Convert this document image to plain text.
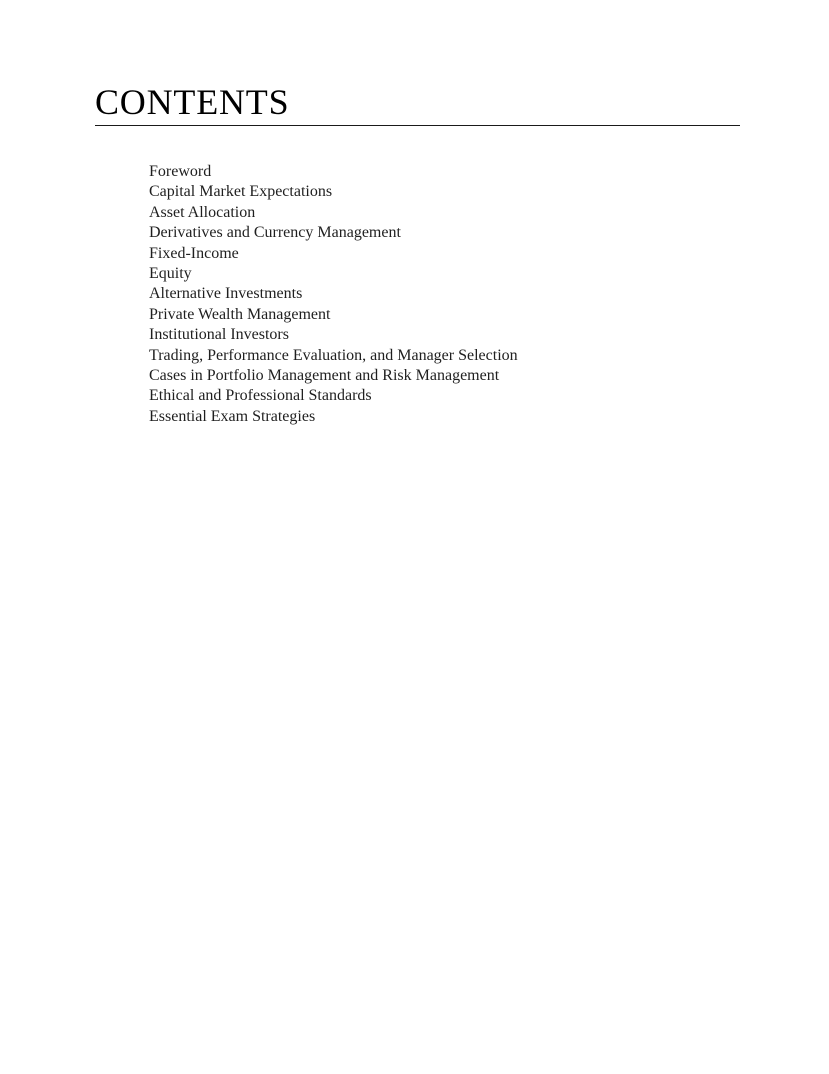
CONTENTS
Foreword
Capital Market Expectations
Asset Allocation
Derivatives and Currency Management
Fixed-Income
Equity
Alternative Investments
Private Wealth Management
Institutional Investors
Trading, Performance Evaluation, and Manager Selection
Cases in Portfolio Management and Risk Management
Ethical and Professional Standards
Essential Exam Strategies
